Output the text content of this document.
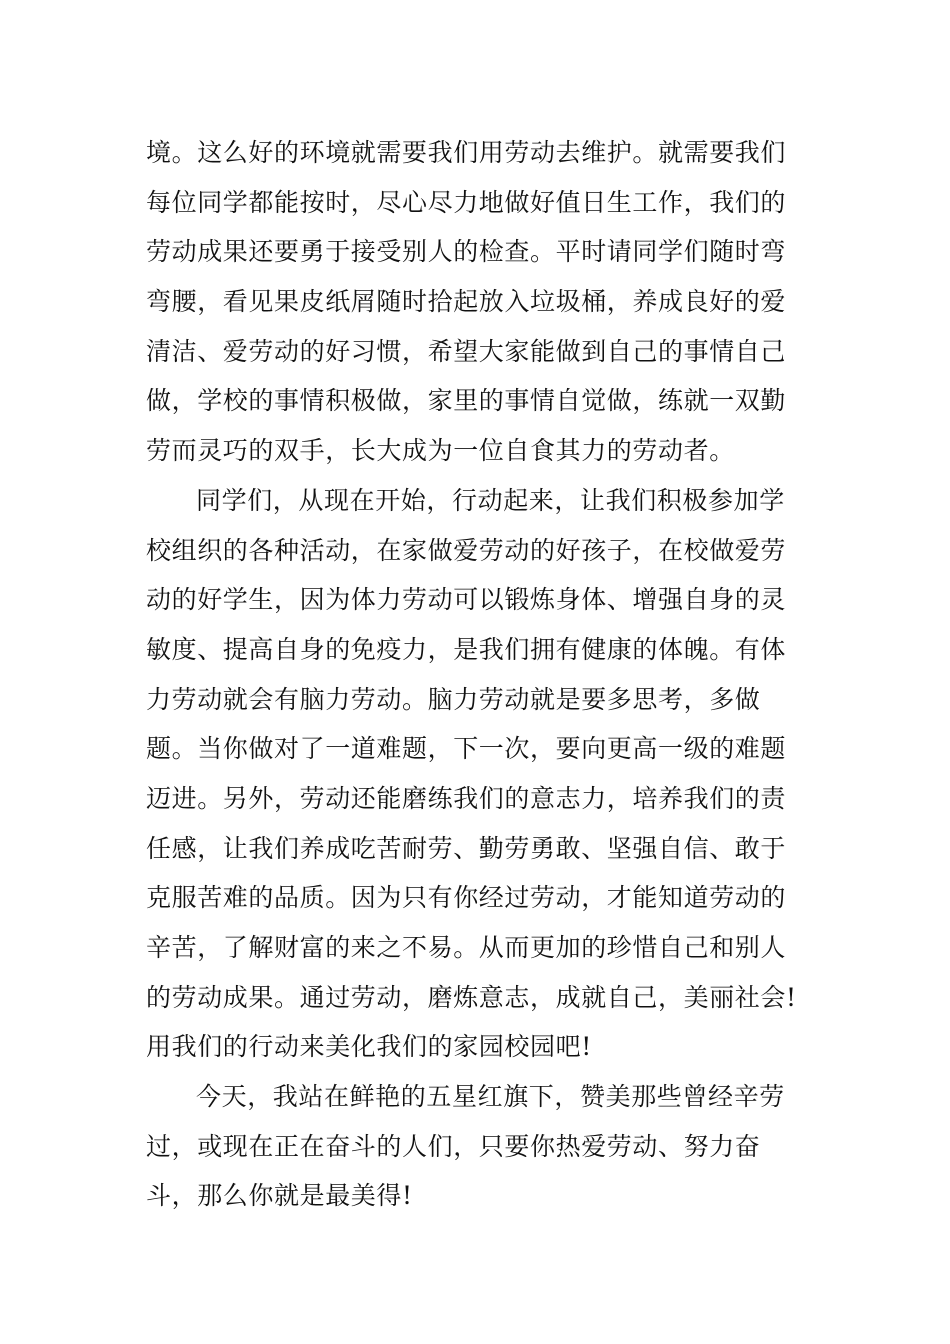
境。这么好的环境就需要我们用劳动去维护。就需要我们
每位同学都能按时，尽心尽力地做好值日生工作，我们的
劳动成果还要勇于接受别人的检查。平时请同学们随时弯
弯腰，看见果皮纸屑随时拾起放入垃圾桶，养成良好的爱
清洁、爱劳动的好习惯，希望大家能做到自己的事情自己
做，学校的事情积极做，家里的事情自觉做，练就一双勤
劳而灵巧的双手，长大成为一位自食其力的劳动者。
同学们，从现在开始，行动起来，让我们积极参加学
校组织的各种活动，在家做爱劳动的好孩子，在校做爱劳
动的好学生，因为体力劳动可以锻炼身体、增强自身的灵
敏度、提高自身的免疫力，是我们拥有健康的体魄。有体
力劳动就会有脑力劳动。脑力劳动就是要多思考，多做
题。当你做对了一道难题，下一次，要向更高一级的难题
迈进。另外，劳动还能磨练我们的意志力，培养我们的责
任感，让我们养成吃苦耐劳、勤劳勇敢、坚强自信、敢于
克服苦难的品质。因为只有你经过劳动，才能知道劳动的
辛苦，了解财富的来之不易。从而更加的珍惜自己和别人
的劳动成果。通过劳动，磨炼意志，成就自己，美丽社会!
用我们的行动来美化我们的家园校园吧!
今天，我站在鲜艳的五星红旗下，赞美那些曾经辛劳
过，或现在正在奋斗的人们，只要你热爱劳动、努力奋
斗，那么你就是最美得!
